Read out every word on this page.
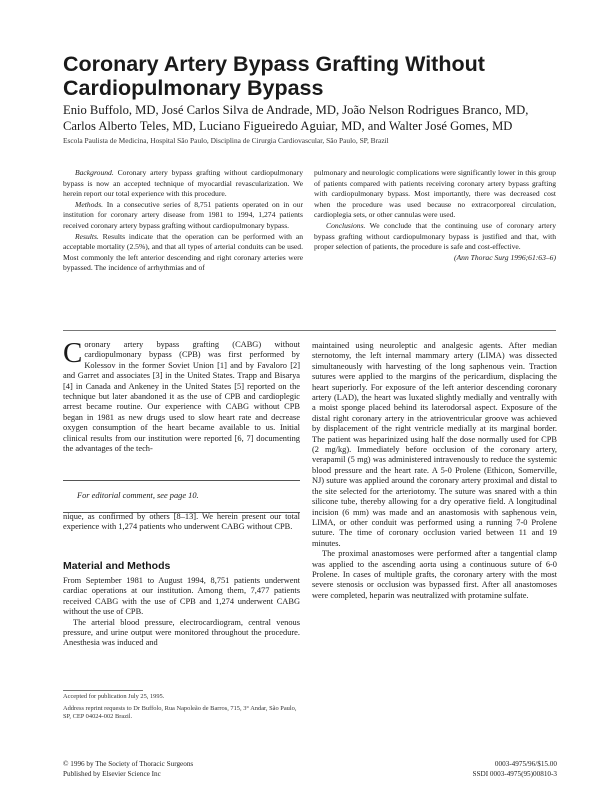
Coronary Artery Bypass Grafting Without
Cardiopulmonary Bypass
Enio Buffolo, MD, José Carlos Silva de Andrade, MD, João Nelson Rodrigues Branco, MD,
Carlos Alberto Teles, MD, Luciano Figueiredo Aguiar, MD, and Walter José Gomes, MD
Escola Paulista de Medicina, Hospital São Paulo, Disciplina de Cirurgia Cardiovascular, São Paulo, SP, Brazil

Background. Coronary artery bypass grafting without cardiopulmonary bypass is now an accepted technique of myocardial revascularization. We herein report our total experience with this procedure.

Methods. In a consecutive series of 8,751 patients operated on in our institution for coronary artery disease from 1981 to 1994, 1,274 patients received coronary artery bypass grafting without cardiopulmonary bypass.

Results. Results indicate that the operation can be performed with an acceptable mortality (2.5%), and that all types of arterial conduits can be used. Most commonly the left anterior descending and right coronary arteries were bypassed. The incidence of arrhythmias and of

pulmonary and neurologic complications were significantly lower in this group of patients compared with patients receiving coronary artery bypass grafting with cardiopulmonary bypass. Most importantly, there was decreased cost when the procedure was used because no extracorporeal circulation, cardioplegia sets, or other cannulas were used.

Conclusions. We conclude that the continuing use of coronary artery bypass grafting without cardiopulmonary bypass is justified and that, with proper selection of patients, the procedure is safe and cost-effective.

(Ann Thorac Surg 1996;61:63–6)

Coronary artery bypass grafting (CABG) without cardiopulmonary bypass (CPB) was first performed by Kolessov in the former Soviet Union [1] and by Favaloro [2] and Garret and associates [3] in the United States. Trapp and Bisarya [4] in Canada and Ankeney in the United States [5] reported on the technique but later abandoned it as the use of CPB and cardioplegic arrest became routine. Our experience with CABG without CPB began in 1981 as new drugs used to slow heart rate and decrease oxygen consumption of the heart became available to us. Initial clinical results from our institution were reported [6, 7] documenting the advantages of the tech-

For editorial comment, see page 10.

nique, as confirmed by others [8–13]. We herein present our total experience with 1,274 patients who underwent CABG without CPB.

Material and Methods

From September 1981 to August 1994, 8,751 patients underwent cardiac operations at our institution. Among them, 7,477 patients received CABG with the use of CPB and 1,274 underwent CABG without the use of CPB.

The arterial blood pressure, electrocardiogram, central venous pressure, and urine output were monitored throughout the procedure. Anesthesia was induced and

maintained using neuroleptic and analgesic agents. After median sternotomy, the left internal mammary artery (LIMA) was dissected simultaneously with harvesting of the long saphenous vein. Traction sutures were applied to the margins of the pericardium, displacing the heart superiorly. For exposure of the left anterior descending coronary artery (LAD), the heart was luxated slightly medially and ventrally with a moist sponge placed behind its laterodorsal aspect. Exposure of the distal right coronary artery in the atrioventricular groove was achieved by displacement of the right ventricle medially at its marginal border. The patient was heparinized using half the dose normally used for CPB (2 mg/kg). Immediately before occlusion of the coronary artery, verapamil (5 mg) was administered intravenously to reduce the systemic blood pressure and the heart rate. A 5-0 Prolene (Ethicon, Somerville, NJ) suture was applied around the coronary artery proximal and distal to the site selected for the arteriotomy. The suture was snared with a thin silicone tube, thereby allowing for a dry operative field. A longitudinal incision (6 mm) was made and an anastomosis with saphenous vein, LIMA, or other conduit was performed using a running 7-0 Prolene suture. The time of coronary occlusion varied between 11 and 19 minutes.

The proximal anastomoses were performed after a tangential clamp was applied to the ascending aorta using a continuous suture of 6-0 Prolene. In cases of multiple grafts, the coronary artery with the most severe stenosis or occlusion was bypassed first. After all anastomoses were completed, heparin was neutralized with protamine sulfate.

Accepted for publication July 25, 1995.
Address reprint requests to Dr Buffolo, Rua Napoleão de Barros, 715, 3° Andar, São Paulo, SP, CEP 04024-002 Brazil.
© 1996 by The Society of Thoracic Surgeons
Published by Elsevier Science Inc
0003-4975/96/$15.00
SSDI 0003-4975(95)00810-3
